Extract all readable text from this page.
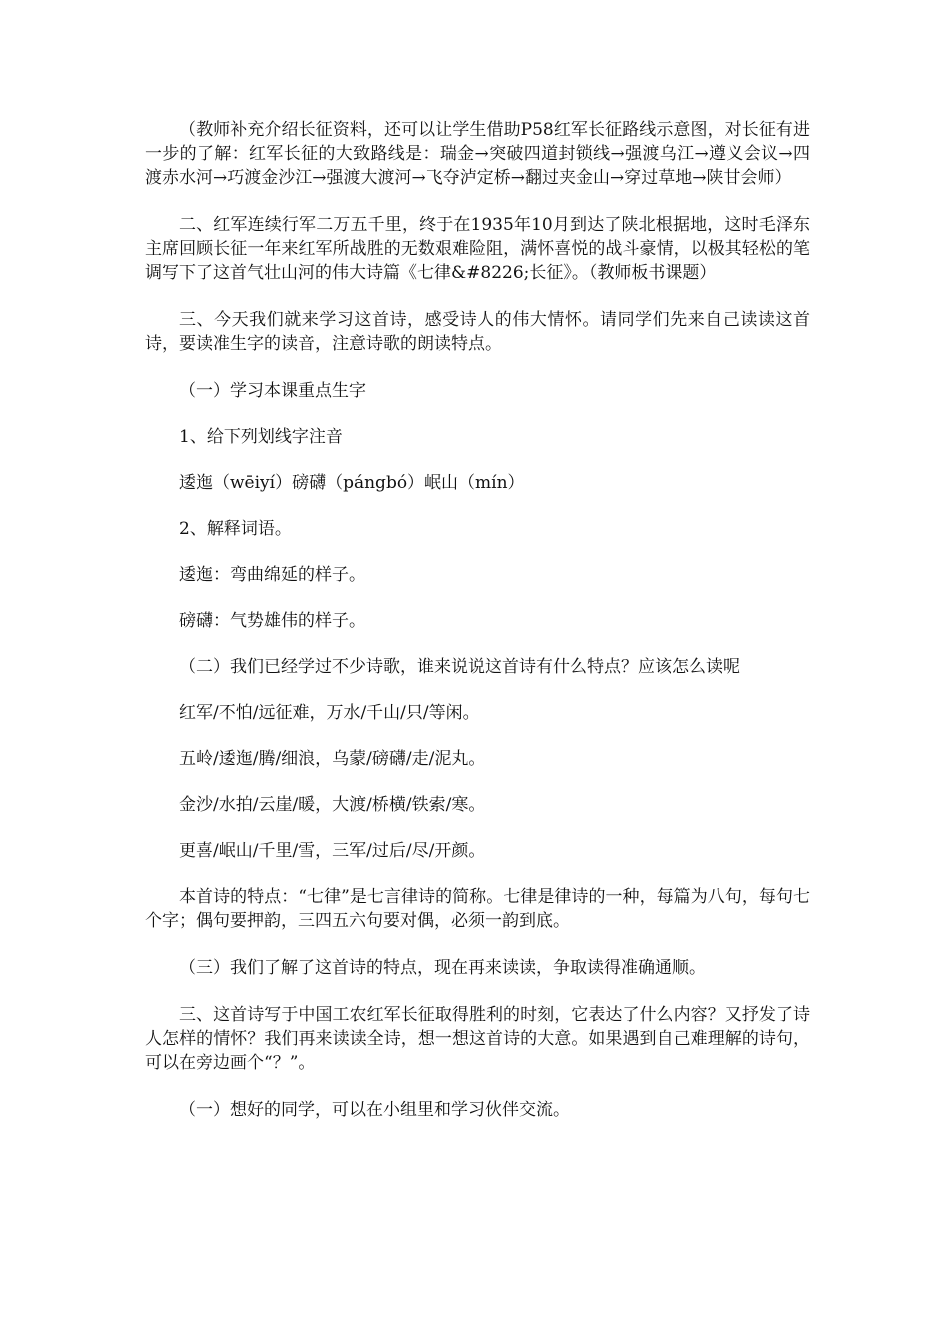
（教师补充介绍长征资料，还可以让学生借助P58红军长征路线示意图，对长征有进一步的了解：红军长征的大致路线是：瑞金→突破四道封锁线→强渡乌江→遵义会议→四渡赤水河→巧渡金沙江→强渡大渡河→飞夺泸定桥→翻过夹金山→穿过草地→陕甘会师）

二、红军连续行军二万五千里，终于在1935年10月到达了陕北根据地，这时毛泽东主席回顾长征一年来红军所战胜的无数艰难险阻，满怀喜悦的战斗豪情，以极其轻松的笔调写下了这首气壮山河的伟大诗篇《七律&#8226;长征》。（教师板书课题）

三、今天我们就来学习这首诗，感受诗人的伟大情怀。请同学们先来自己读读这首诗，要读准生字的读音，注意诗歌的朗读特点。

（一）学习本课重点生字

1、给下列划线字注音

逶迤（wēiyí）磅礴（pángbó）岷山（mín）

2、解释词语。

逶迤：弯曲绵延的样子。

磅礴：气势雄伟的样子。

（二）我们已经学过不少诗歌，谁来说说这首诗有什么特点？应该怎么读呢

红军/不怕/远征难，万水/千山/只/等闲。

五岭/逶迤/腾/细浪，乌蒙/磅礴/走/泥丸。

金沙/水拍/云崖/暖，大渡/桥横/铁索/寒。

更喜/岷山/千里/雪，三军/过后/尽/开颜。

本首诗的特点：“七律”是七言律诗的简称。七律是律诗的一种，每篇为八句，每句七个字；偶句要押韵，三四五六句要对偶，必须一韵到底。

（三）我们了解了这首诗的特点，现在再来读读，争取读得准确通顺。

三、这首诗写于中国工农红军长征取得胜利的时刻，它表达了什么内容？又抒发了诗人怎样的情怀？我们再来读读全诗，想一想这首诗的大意。如果遇到自己难理解的诗句，可以在旁边画个“？”。

（一）想好的同学，可以在小组里和学习伙伴交流。
